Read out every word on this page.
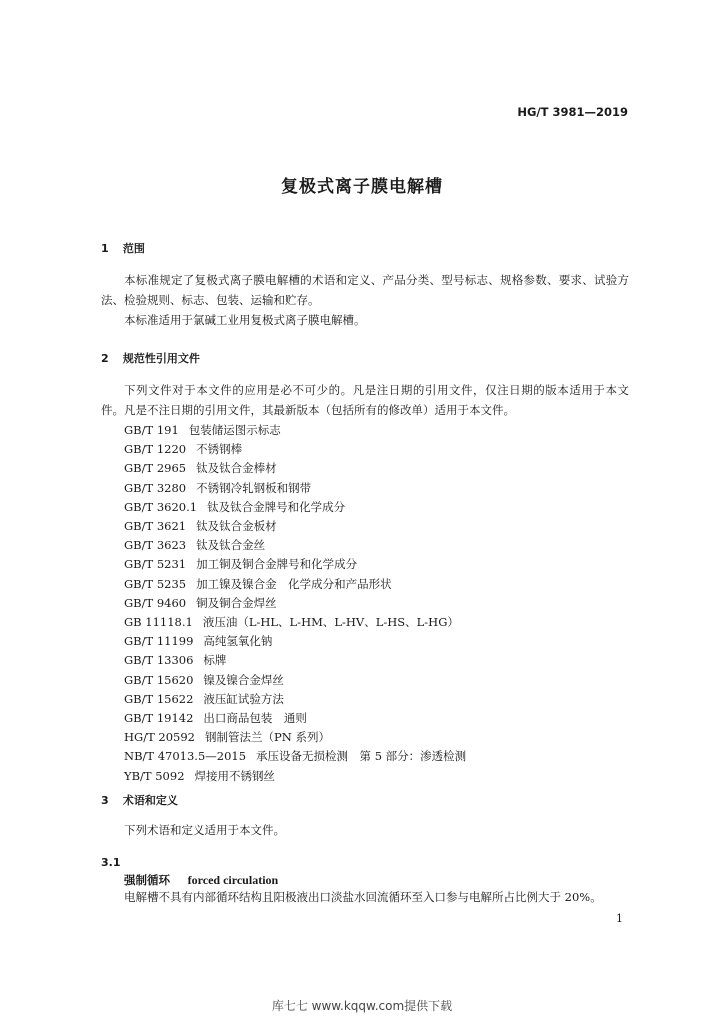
HG/T 3981—2019
复极式离子膜电解槽
1 范围
本标准规定了复极式离子膜电解槽的术语和定义、产品分类、型号标志、规格参数、要求、试验方法、检验规则、标志、包装、运输和贮存。
本标准适用于氯碱工业用复极式离子膜电解槽。
2 规范性引用文件
下列文件对于本文件的应用是必不可少的。凡是注日期的引用文件，仅注日期的版本适用于本文件。凡是不注日期的引用文件，其最新版本（包括所有的修改单）适用于本文件。
GB/T 191 包装储运图示标志
GB/T 1220 不锈钢棒
GB/T 2965 钛及钛合金棒材
GB/T 3280 不锈钢冷轧钢板和钢带
GB/T 3620.1 钛及钛合金牌号和化学成分
GB/T 3621 钛及钛合金板材
GB/T 3623 钛及钛合金丝
GB/T 5231 加工铜及铜合金牌号和化学成分
GB/T 5235 加工镍及镍合金　化学成分和产品形状
GB/T 9460 铜及铜合金焊丝
GB 11118.1 液压油（L-HL、L-HM、L-HV、L-HS、L-HG）
GB/T 11199 高纯氢氧化钠
GB/T 13306 标牌
GB/T 15620 镍及镍合金焊丝
GB/T 15622 液压缸试验方法
GB/T 19142 出口商品包装　通则
HG/T 20592 钢制管法兰（PN 系列）
NB/T 47013.5—2015 承压设备无损检测　第 5 部分：渗透检测
YB/T 5092 焊接用不锈钢丝
3 术语和定义
下列术语和定义适用于本文件。
3.1
强制循环 forced circulation
电解槽不具有内部循环结构且阳极液出口淡盐水回流循环至入口参与电解所占比例大于 20%。
1
库七七 www.kqqw.com提供下载
